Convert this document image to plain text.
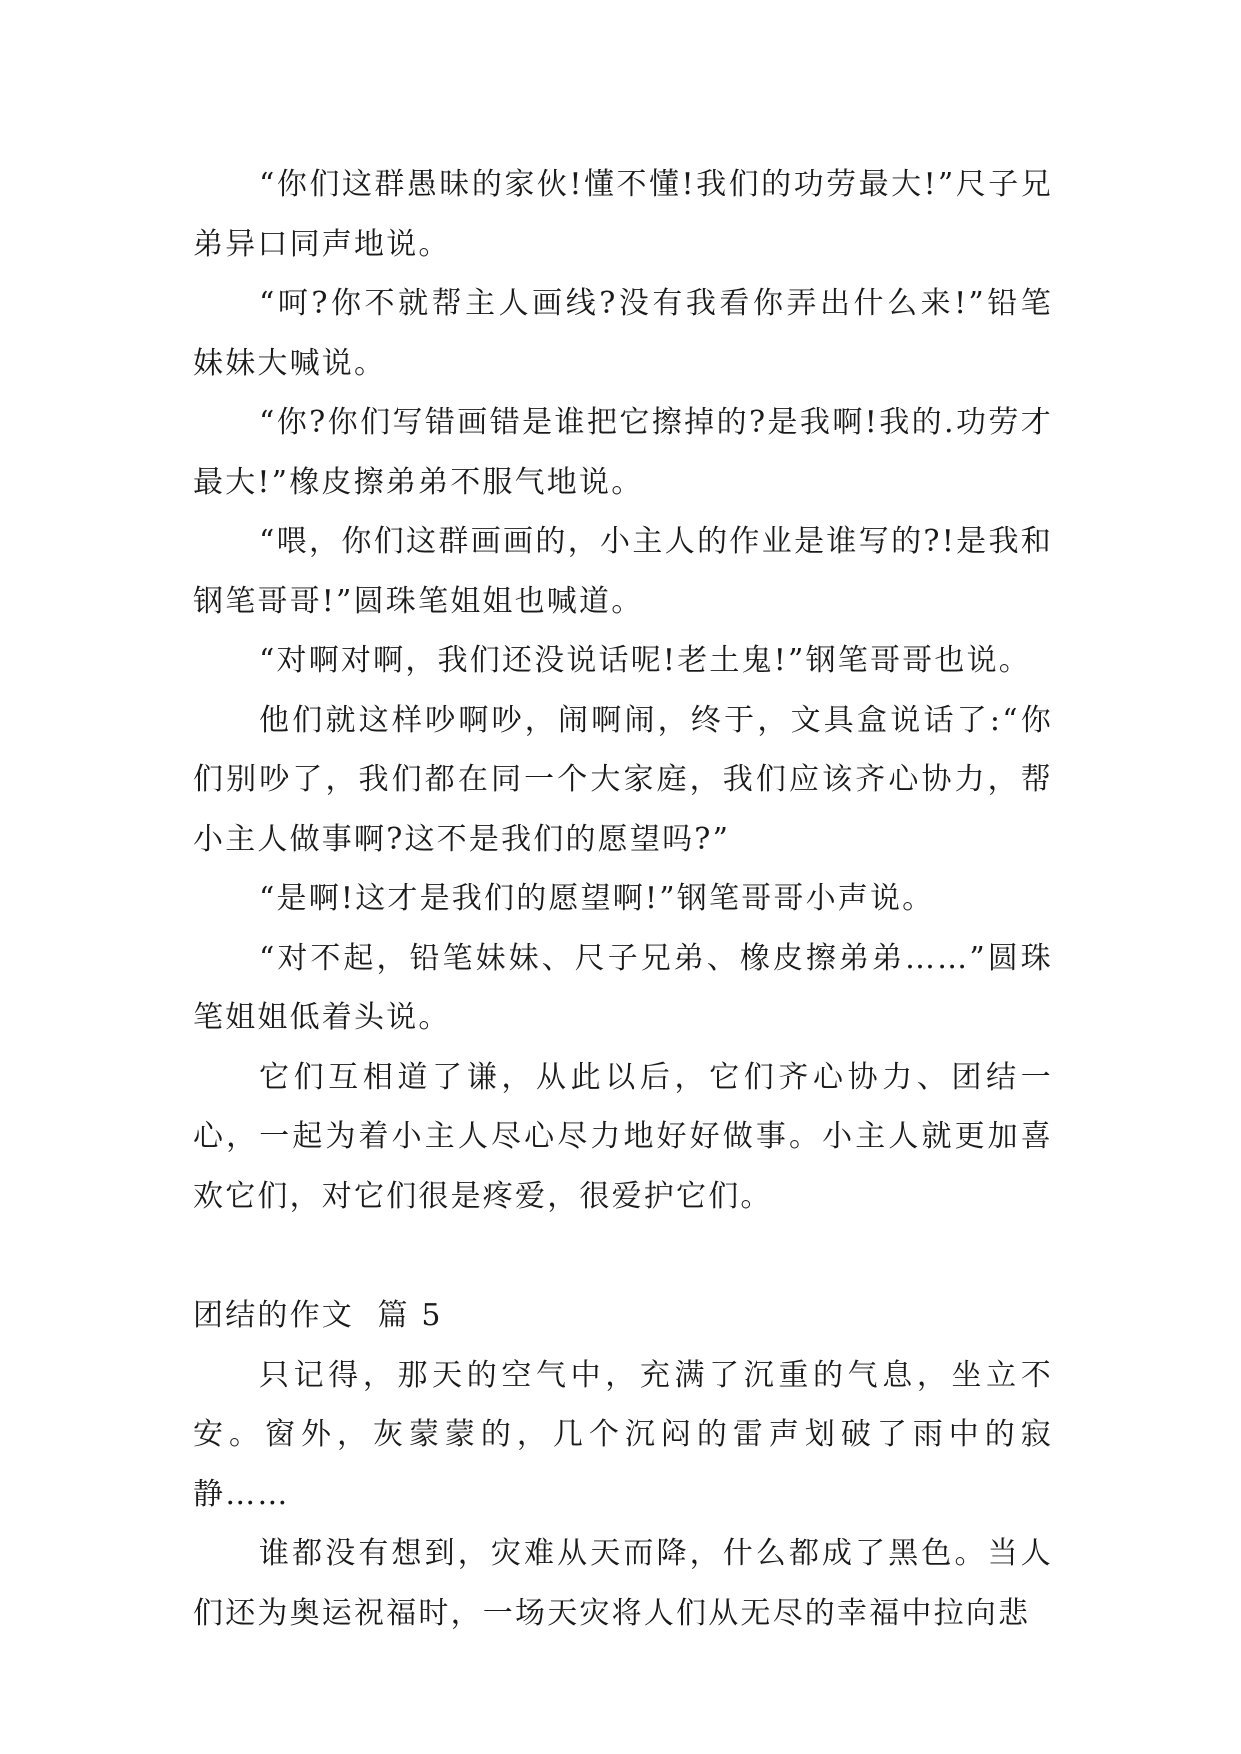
“你们这群愚昧的家伙!懂不懂!我们的功劳最大!”尺子兄弟异口同声地说。

“呵?你不就帮主人画线?没有我看你弄出什么来!”铅笔妹妹大喊说。

“你?你们写错画错是谁把它擦掉的?是我啊!我的.功劳才最大!”橡皮擦弟弟不服气地说。

“喂，你们这群画画的，小主人的作业是谁写的?!是我和钢笔哥哥!”圆珠笔姐姐也喊道。

“对啊对啊，我们还没说话呢!老土鬼!”钢笔哥哥也说。

他们就这样吵啊吵，闹啊闹，终于，文具盒说话了:“你们别吵了，我们都在同一个大家庭，我们应该齐心协力，帮小主人做事啊?这不是我们的愿望吗?”

“是啊!这才是我们的愿望啊!”钢笔哥哥小声说。

“对不起，铅笔妹妹、尺子兄弟、橡皮擦弟弟……”圆珠笔姐姐低着头说。

它们互相道了谦，从此以后，它们齐心协力、团结一心，一起为着小主人尽心尽力地好好做事。小主人就更加喜欢它们，对它们很是疼爱，很爱护它们。

团结的作文  篇 5

只记得，那天的空气中，充满了沉重的气息，坐立不安。窗外，灰蒙蒙的，几个沉闷的雷声划破了雨中的寂静……

谁都没有想到，灾难从天而降，什么都成了黑色。当人们还为奥运祝福时，一场天灾将人们从无尽的幸福中拉向悲
